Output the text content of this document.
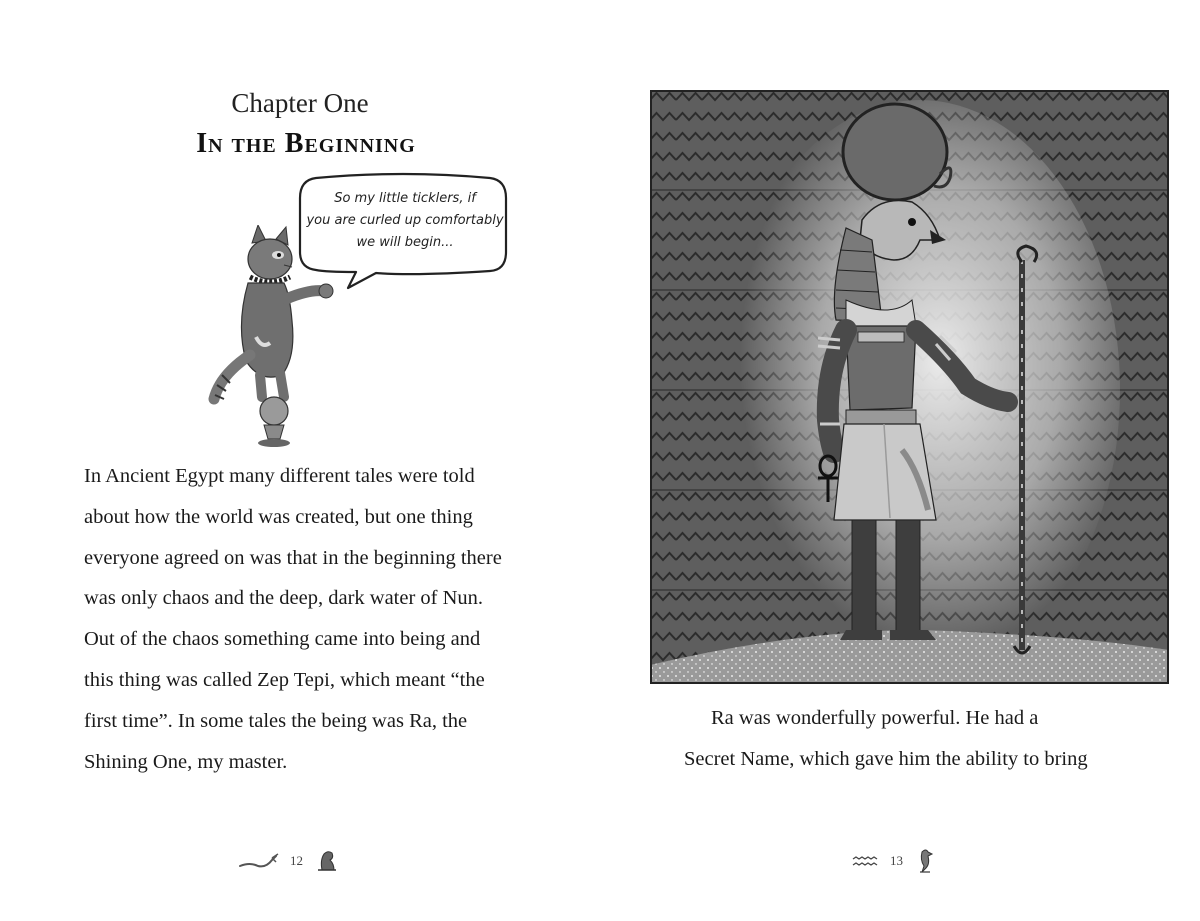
Chapter One
In the Beginning
So my little ticklers, if
you are curled up comfortably
we will begin...
In Ancient Egypt many different tales were told
about how the world was created, but one thing
everyone agreed on was that in the beginning there
was only chaos and the deep, dark water of Nun.
Out of the chaos something came into being and
this thing was called Zep Tepi, which meant “the
first time”. In some tales the being was Ra, the
Shining One, my master.
12
Ra was wonderfully powerful. He had a
Secret Name, which gave him the ability to bring
13
